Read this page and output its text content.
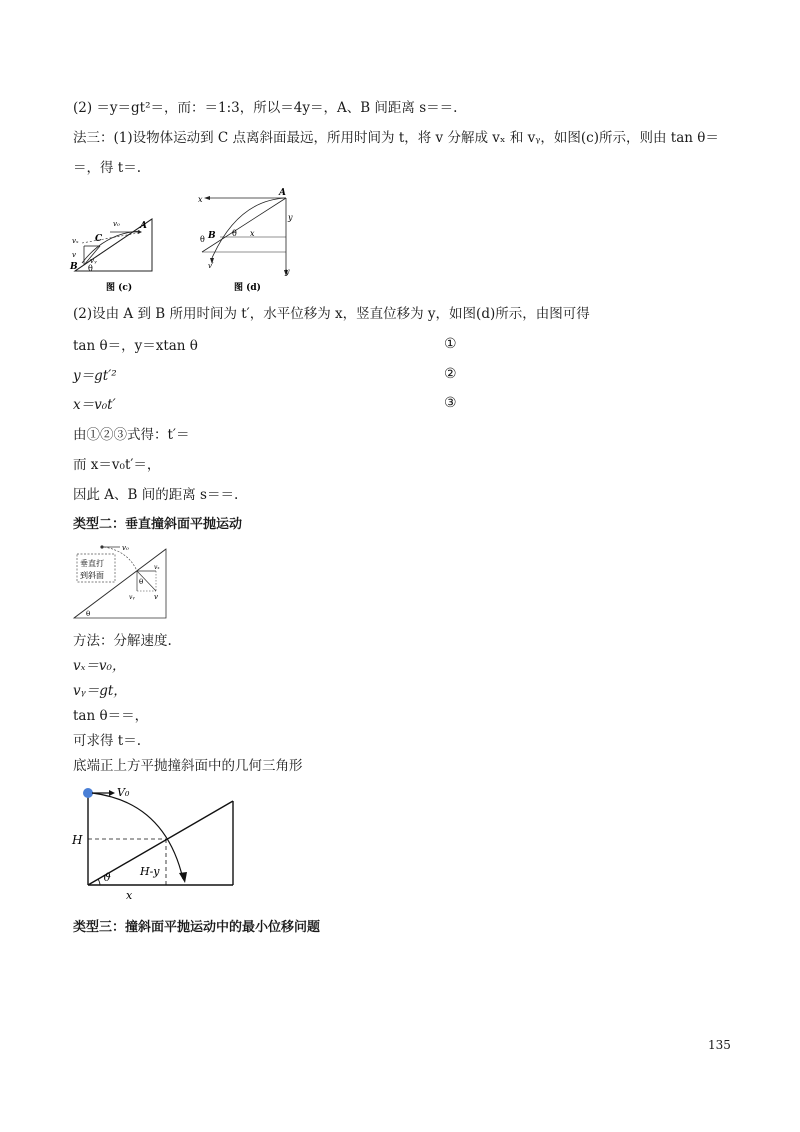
(2) ＝y＝gt²＝，而：＝1:3，所以＝4y＝，A、B 间距离 s＝＝.
法三：(1)设物体运动到 C 点离斜面最远，所用时间为 t，将 v 分解成 vₓ 和 vᵧ，如图(c)所示，则由 tan θ＝
＝，得 t＝.
v₀ A
C
vₓ
v
vᵧ
B θ
图 (c)
x
A
y
θ B θ x
v′
y
图 (d)
(2)设由 A 到 B 所用时间为 t′，水平位移为 x，竖直位移为 y，如图(d)所示，由图可得
tan θ＝，y＝xtan θ	①
y＝gt′²	②
x＝v₀t′	③
由①②③式得：t′＝
而 x＝v₀t′＝，
因此 A、B 间的距离 s＝＝.
类型二：垂直撞斜面平抛运动
垂直打
到斜面
v₀
vₓ
θ
vᵧ	v
θ
方法：分解速度.
vₓ＝v₀，
vᵧ＝gt，
tan θ＝＝，
可求得 t＝.
底端正上方平抛撞斜面中的几何三角形
V₀
H
H-y
x
ϑ
类型三：撞斜面平抛运动中的最小位移问题
135
